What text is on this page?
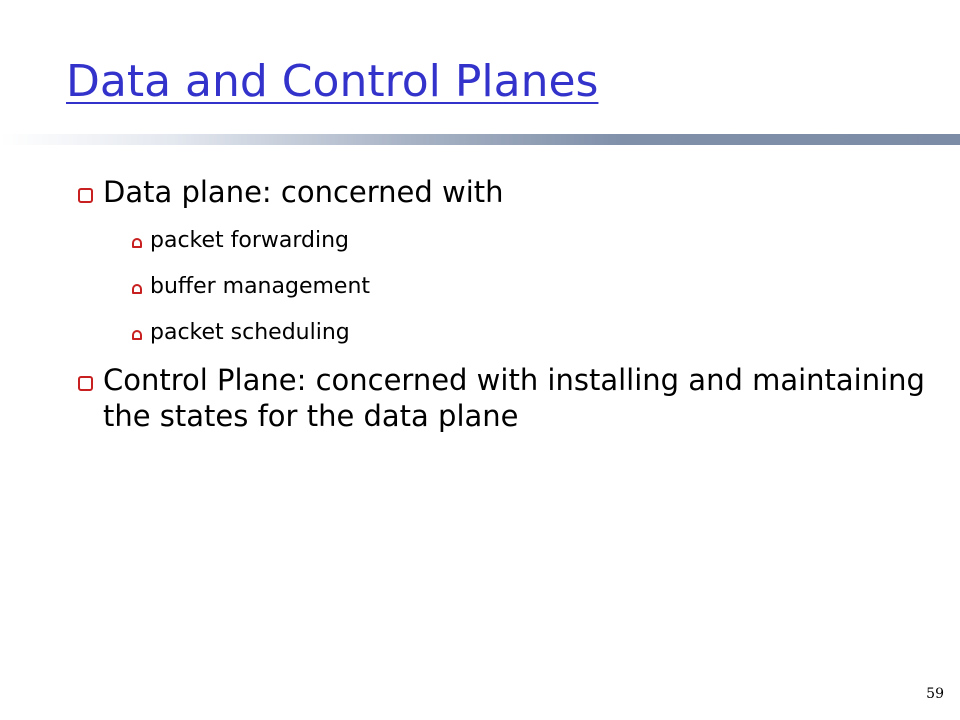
Data and Control Planes
Data plane: concerned with
packet forwarding
buffer management
packet scheduling
Control Plane: concerned with installing and maintaining the states for the data plane
59
